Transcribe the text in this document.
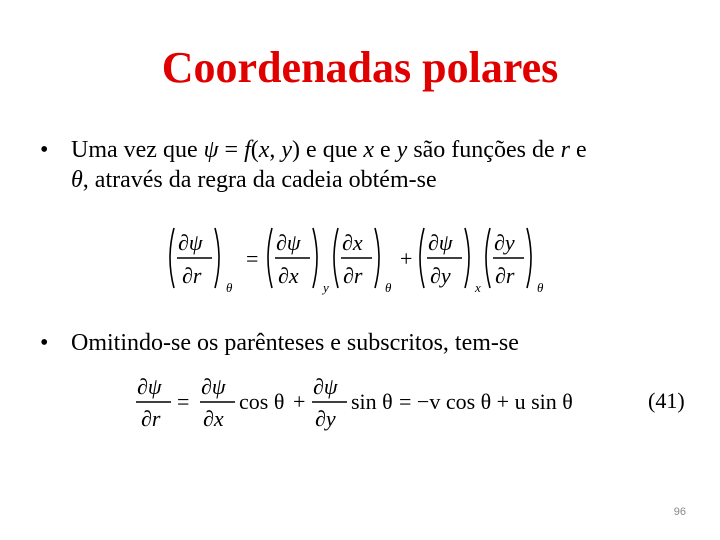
Coordenadas polares
• Uma vez que ψ = f(x, y) e que x e y são funções de r e
θ, através da regra da cadeia obtém-se
∂ψ
∂r θ
=
∂ψ
∂x y
∂x
∂r θ
+
∂ψ
∂y x
∂y
∂r θ
• Omitindo-se os parênteses e subscritos, tem-se
∂ψ
∂r
=
∂ψ
∂x
cos θ +
∂ψ
∂y
sin θ = −v cos θ + u sin θ	(41)
96
